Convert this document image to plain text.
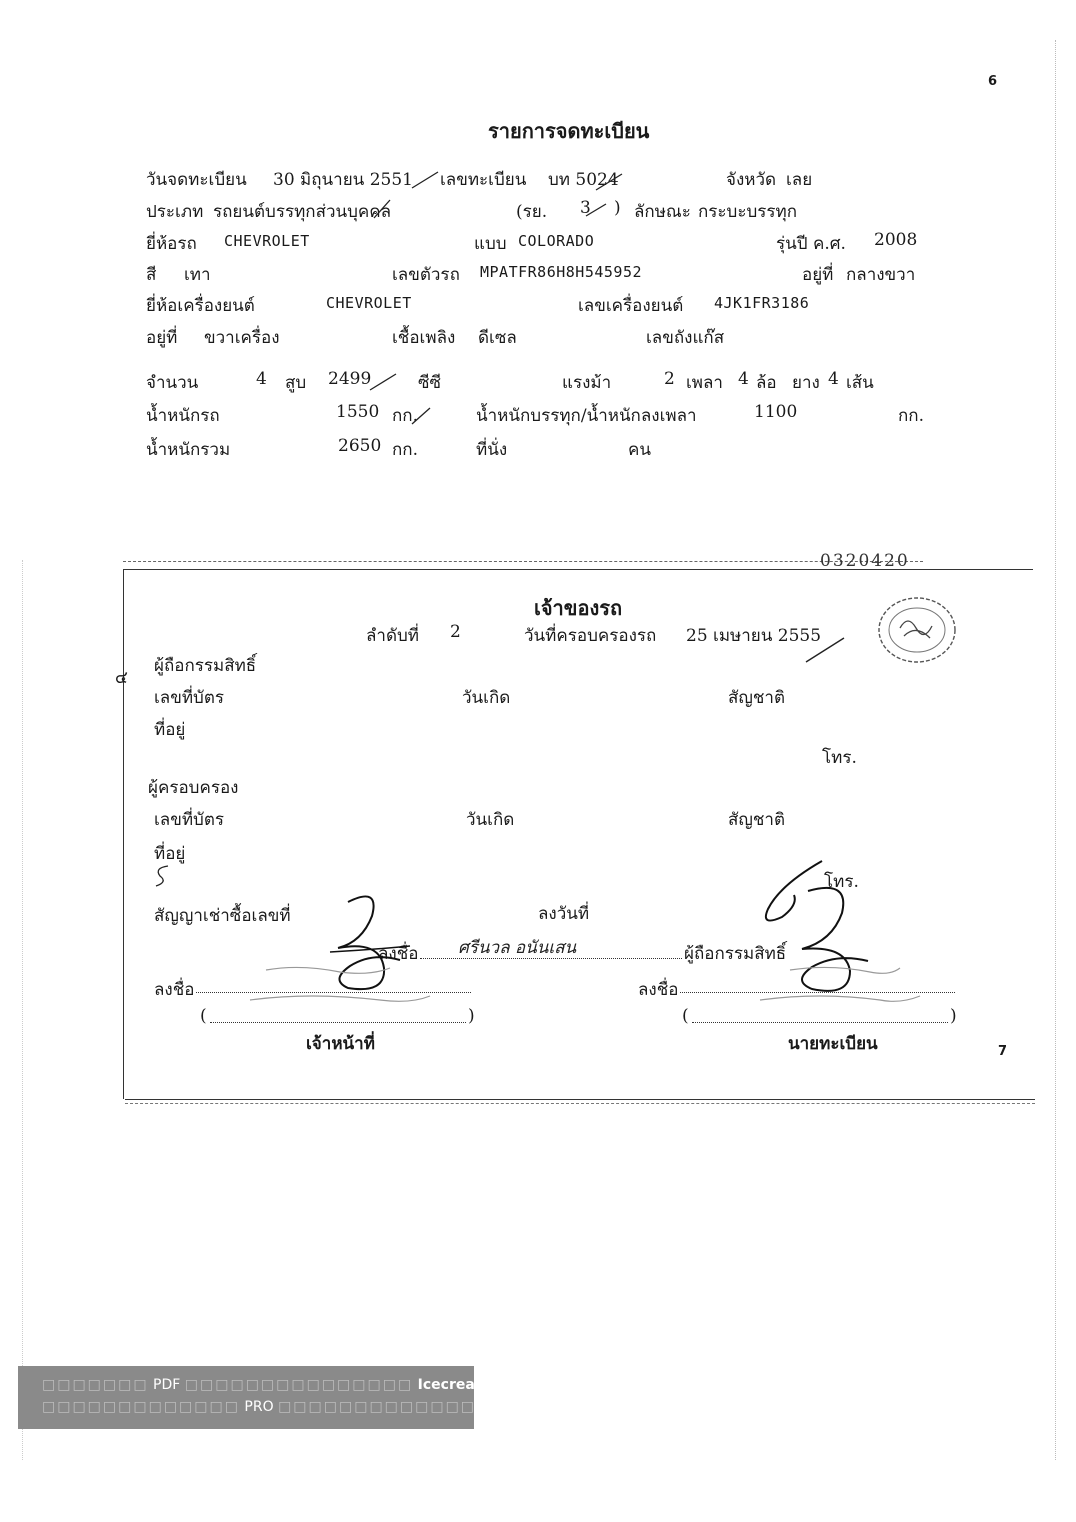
6
รายการจดทะเบียน
วันจดทะเบียน 30 มิถุนายน 2551 เลขทะเบียน บท 5024	จังหวัด เลย
ประเภท รถยนต์บรรทุกส่วนบุคคล	(รย. 3 ) ลักษณะ กระบะบรรทุก
ยี่ห้อรถ CHEVROLET	แบบ COLORADO	รุ่นปี ค.ศ. 2008
สี เทา	เลขตัวรถ MPATFR86H8H545952	อยู่ที่ กลางขวา
ยี่ห้อเครื่องยนต์	CHEVROLET	เลขเครื่องยนต์ 4JK1FR3186
อยู่ที่ ขวาเครื่อง	เชื้อเพลิง ดีเซล	เลขถังแก๊ส
จำนวน	4 สูบ 2499	ซีซี	แรงม้า	2 เพลา 4 ล้อ ยาง 4 เส้น
น้ำหนักรถ	1550 กก.	น้ำหนักบรรทุก/น้ำหนักลงเพลา	1100	กก.
น้ำหนักรวม	2650 กก.	ที่นั่ง	คน
0320420
เจ้าของรถ
ลำดับที่ 2	วันที่ครอบครองรถ 25 เมษายน 2555
๔
ผู้ถือกรรมสิทธิ์
เลขที่บัตร	วันเกิด	สัญชาติ
ที่อยู่
โทร.
ผู้ครอบครอง
เลขที่บัตร	วันเกิด	สัญชาติ
ที่อยู่
โทร.
สัญญาเช่าซื้อเลขที่	ลงวันที่
ลงชื่อ ศรีนวล อนันเสน	ผู้ถือกรรมสิทธิ์
ลงชื่อ	ลงชื่อ
(	)	(	)
เจ้าหน้าที่	นายทะเบียน	7
□□□□□□□ PDF □□□□□□□□□□□□□□□ Icecream PDF
□□□□□□□□□□□□□ PRO □□□□□□□□□□□□□
